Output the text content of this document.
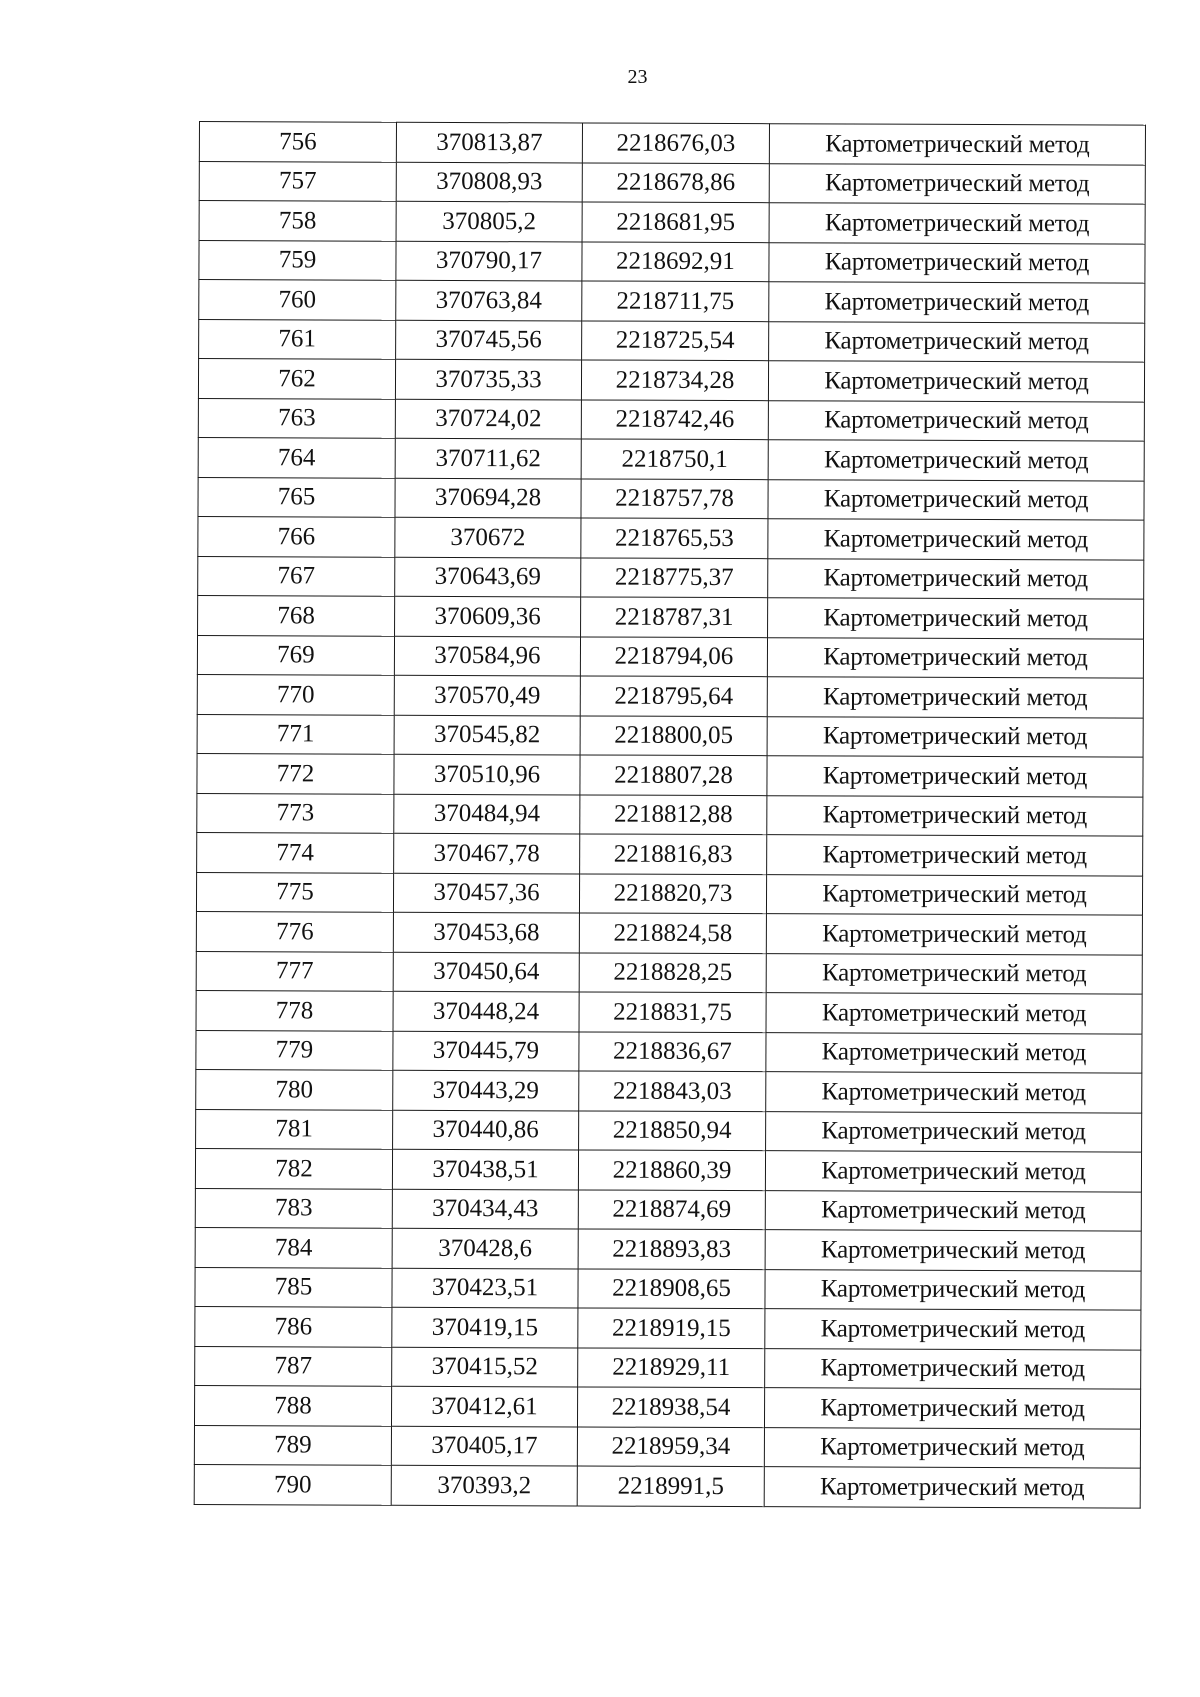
23
756	370813,87	2218676,03	Картометрический метод
757	370808,93	2218678,86	Картометрический метод
758	370805,2	2218681,95	Картометрический метод
759	370790,17	2218692,91	Картометрический метод
760	370763,84	2218711,75	Картометрический метод
761	370745,56	2218725,54	Картометрический метод
762	370735,33	2218734,28	Картометрический метод
763	370724,02	2218742,46	Картометрический метод
764	370711,62	2218750,1	Картометрический метод
765	370694,28	2218757,78	Картометрический метод
766	370672	2218765,53	Картометрический метод
767	370643,69	2218775,37	Картометрический метод
768	370609,36	2218787,31	Картометрический метод
769	370584,96	2218794,06	Картометрический метод
770	370570,49	2218795,64	Картометрический метод
771	370545,82	2218800,05	Картометрический метод
772	370510,96	2218807,28	Картометрический метод
773	370484,94	2218812,88	Картометрический метод
774	370467,78	2218816,83	Картометрический метод
775	370457,36	2218820,73	Картометрический метод
776	370453,68	2218824,58	Картометрический метод
777	370450,64	2218828,25	Картометрический метод
778	370448,24	2218831,75	Картометрический метод
779	370445,79	2218836,67	Картометрический метод
780	370443,29	2218843,03	Картометрический метод
781	370440,86	2218850,94	Картометрический метод
782	370438,51	2218860,39	Картометрический метод
783	370434,43	2218874,69	Картометрический метод
784	370428,6	2218893,83	Картометрический метод
785	370423,51	2218908,65	Картометрический метод
786	370419,15	2218919,15	Картометрический метод
787	370415,52	2218929,11	Картометрический метод
788	370412,61	2218938,54	Картометрический метод
789	370405,17	2218959,34	Картометрический метод
790	370393,2	2218991,5	Картометрический метод
